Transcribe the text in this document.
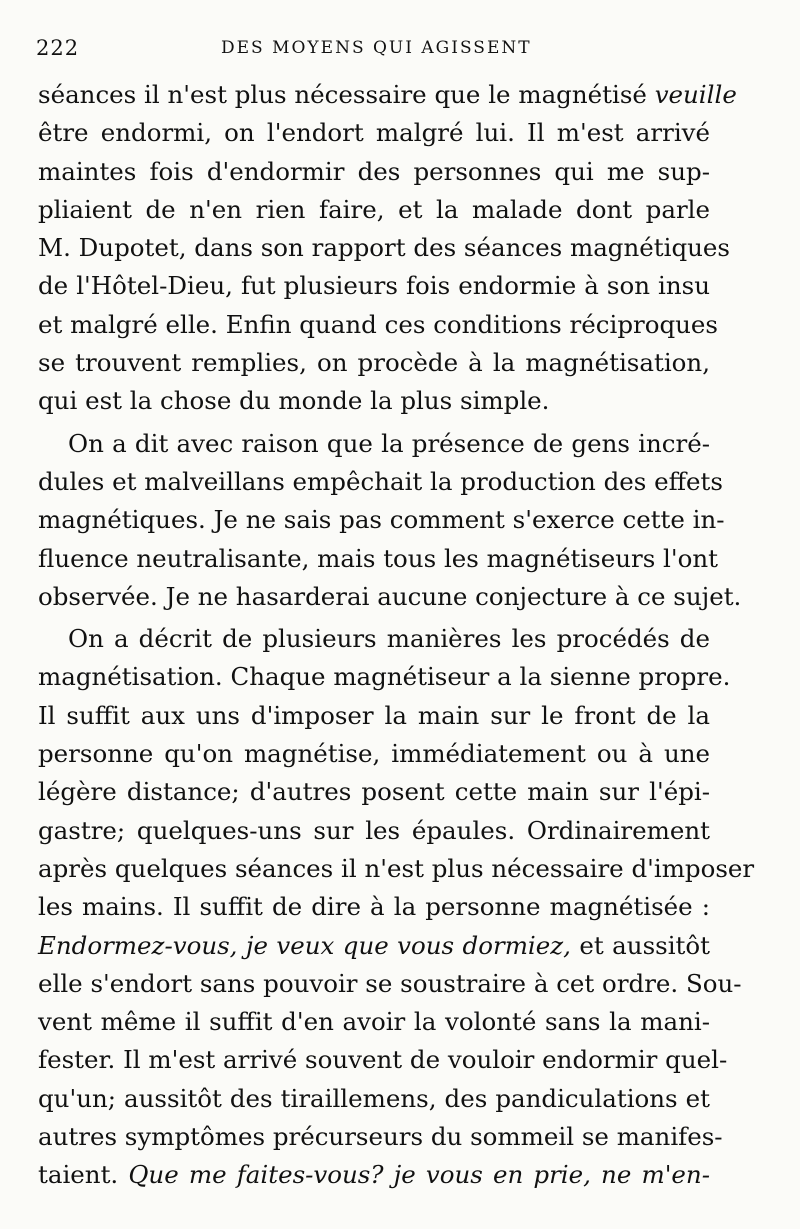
222	DES MOYENS QUI AGISSENT
séances il n'est plus nécessaire que le magnétisé veuille
être endormi, on l'endort malgré lui. Il m'est arrivé
maintes fois d'endormir des personnes qui me sup-
pliaient de n'en rien faire, et la malade dont parle
M. Dupotet, dans son rapport des séances magnétiques
de l'Hôtel-Dieu, fut plusieurs fois endormie à son insu
et malgré elle. Enfin quand ces conditions réciproques
se trouvent remplies, on procède à la magnétisation,
qui est la chose du monde la plus simple.
On a dit avec raison que la présence de gens incré-
dules et malveillans empêchait la production des effets
magnétiques. Je ne sais pas comment s'exerce cette in-
fluence neutralisante, mais tous les magnétiseurs l'ont
observée. Je ne hasarderai aucune conjecture à ce sujet.
On a décrit de plusieurs manières les procédés de
magnétisation. Chaque magnétiseur a la sienne propre.
Il suffit aux uns d'imposer la main sur le front de la
personne qu'on magnétise, immédiatement ou à une
légère distance; d'autres posent cette main sur l'épi-
gastre; quelques-uns sur les épaules. Ordinairement
après quelques séances il n'est plus nécessaire d'imposer
les mains. Il suffit de dire à la personne magnétisée :
Endormez-vous, je veux que vous dormiez, et aussitôt
elle s'endort sans pouvoir se soustraire à cet ordre. Sou-
vent même il suffit d'en avoir la volonté sans la mani-
fester. Il m'est arrivé souvent de vouloir endormir quel-
qu'un; aussitôt des tiraillemens, des pandiculations et
autres symptômes précurseurs du sommeil se manifes-
taient. Que me faites-vous? je vous en prie, ne m'en-
